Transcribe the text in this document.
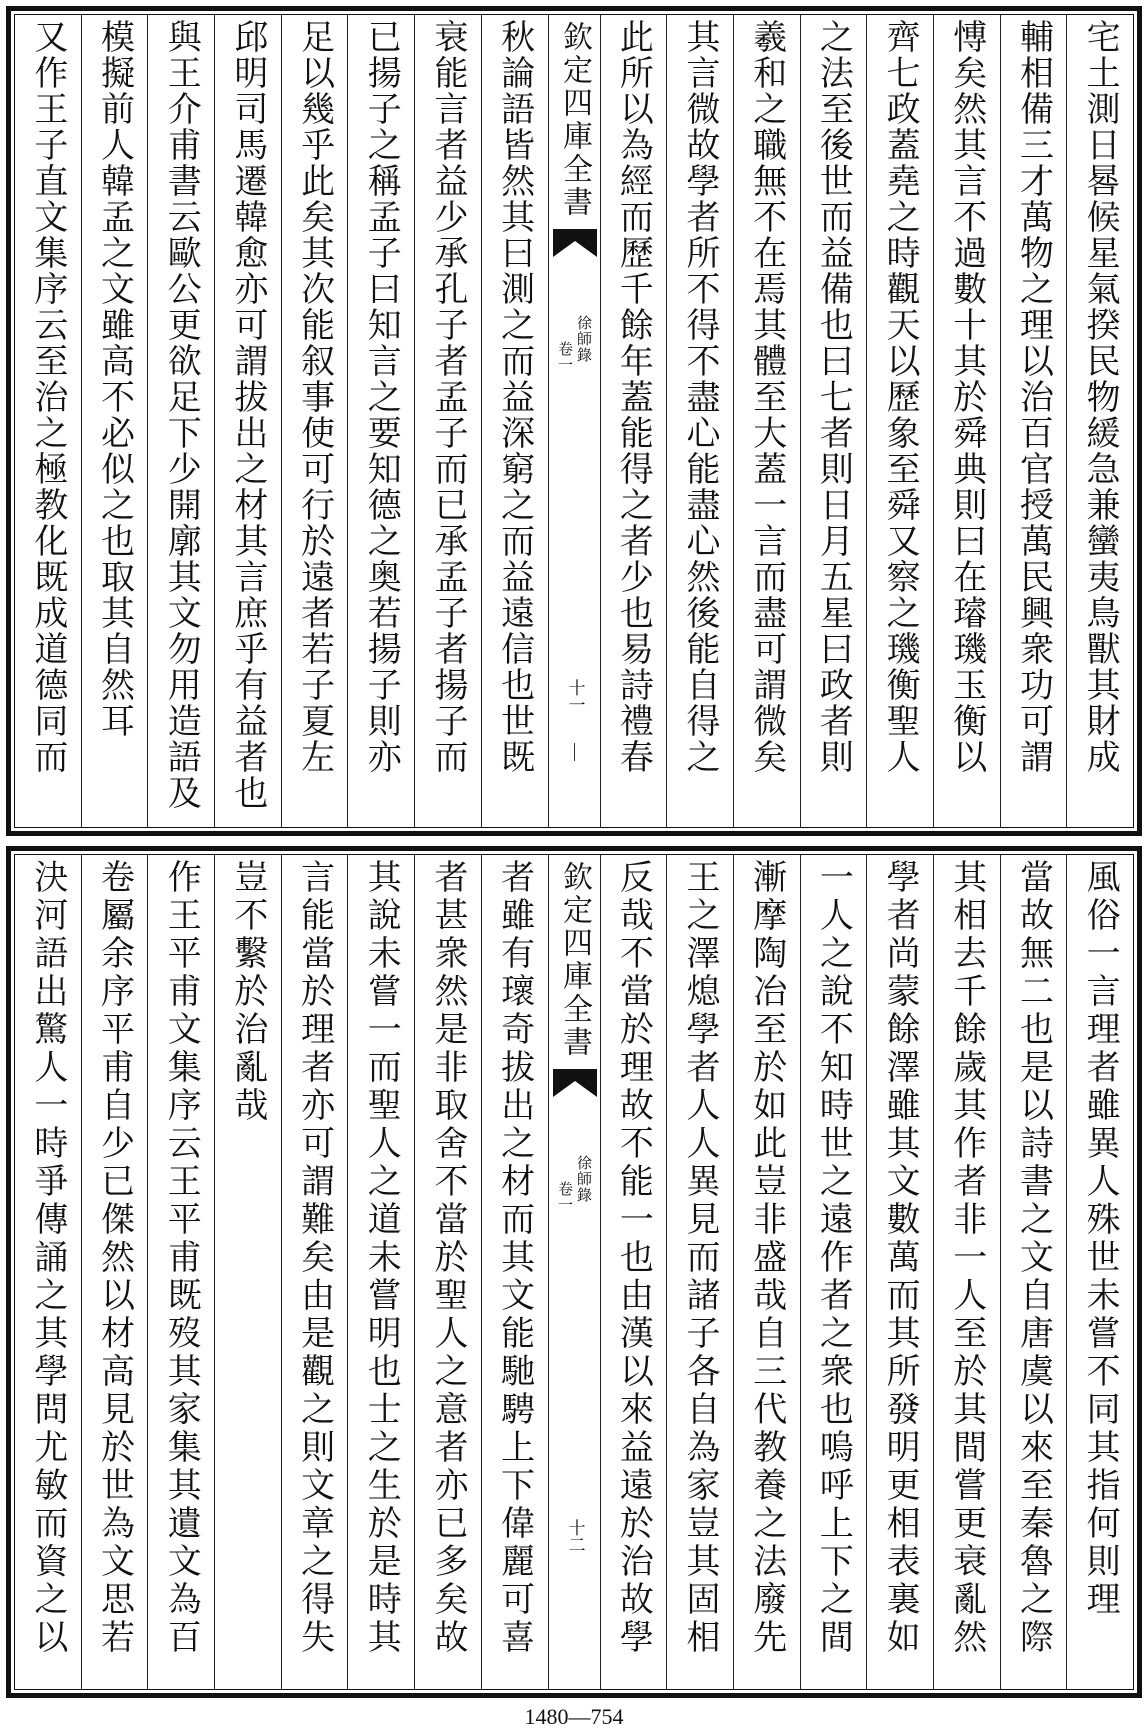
宅土測日晷候星氣揆民物緩急兼蠻夷鳥獸其財成
輔相備三才萬物之理以治百官授萬民興衆功可謂
愽矣然其言不過數十其於舜典則曰在璿璣玉衡以
齊七政蓋堯之時觀天以歷象至舜又察之璣衡聖人
之法至後世而益備也曰七者則日月五星曰政者則
羲和之職無不在焉其體至大蓋一言而盡可謂微矣
其言微故學者所不得不盡心能盡心然後能自得之
此所以為經而歷千餘年蓋能得之者少也易詩禮春
欽定四庫全書
徐師錄
卷一
十一
秋論語皆然其曰測之而益深窮之而益遠信也世既
衰能言者益少承孔子者孟子而已承孟子者揚子而
已揚子之稱孟子曰知言之要知德之奥若揚子則亦
足以幾乎此矣其次能叙事使可行於遠者若子夏左
邱明司馬遷韓愈亦可謂拔出之材其言庶乎有益者也
與王介甫書云歐公更欲足下少開廓其文勿用造語及
模擬前人韓孟之文雖高不必似之也取其自然耳
又作王子直文集序云至治之極教化既成道德同而
風俗一言理者雖異人殊世未嘗不同其指何則理
當故無二也是以詩書之文自唐虞以來至秦魯之際
其相去千餘歲其作者非一人至於其間嘗更衰亂然
學者尚蒙餘澤雖其文數萬而其所發明更相表裏如
一人之說不知時世之遠作者之衆也嗚呼上下之間
漸摩陶冶至於如此豈非盛哉自三代教養之法廢先
王之澤熄學者人人異見而諸子各自為家豈其固相
反哉不當於理故不能一也由漢以來益遠於治故學
欽定四庫全書
徐師錄
卷一
十二
者雖有瓌奇拔出之材而其文能馳騁上下偉麗可喜
者甚衆然是非取舍不當於聖人之意者亦已多矣故
其說未嘗一而聖人之道未嘗明也士之生於是時其
言能當於理者亦可謂難矣由是觀之則文章之得失
豈不繫於治亂哉
作王平甫文集序云王平甫既歿其家集其遺文為百
卷屬余序平甫自少已傑然以材高見於世為文思若
決河語出驚人一時爭傳誦之其學問尤敏而資之以
1480—754
